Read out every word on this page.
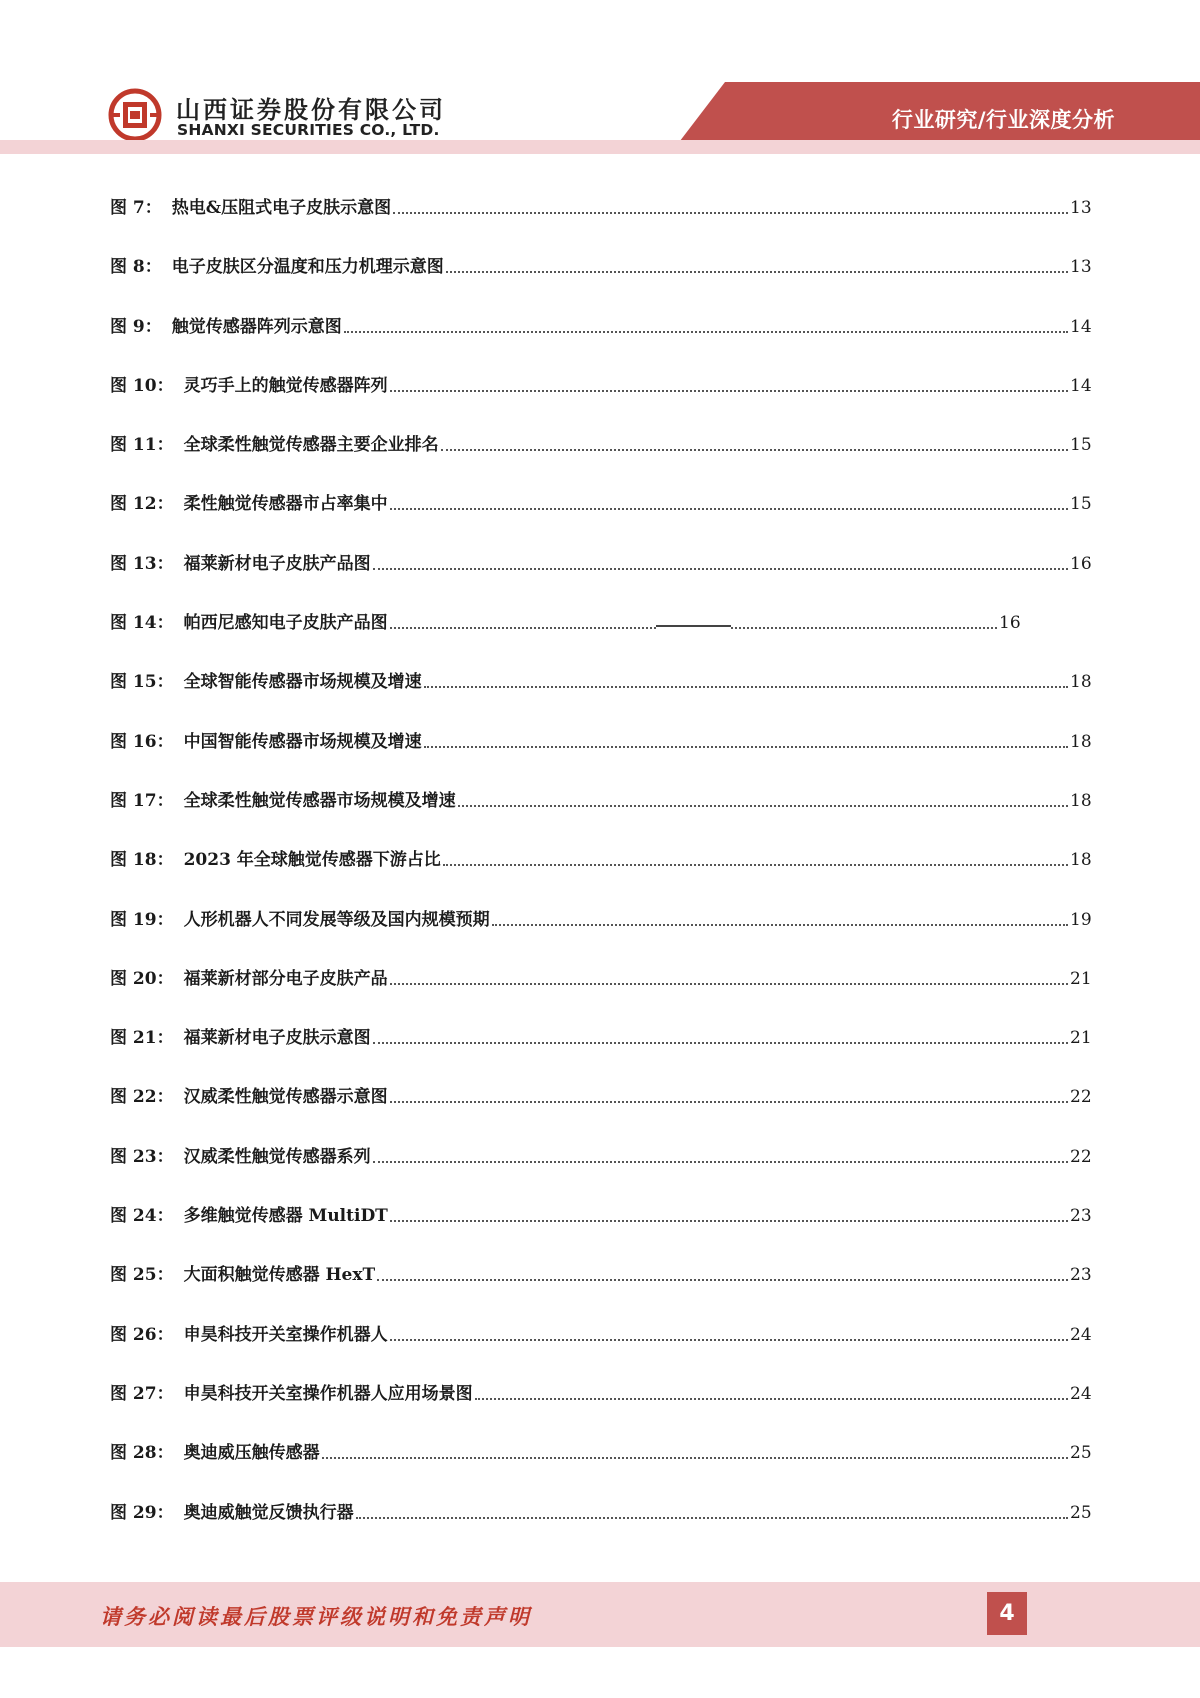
山西证券股份有限公司
SHANXI SECURITIES CO., LTD.	行业研究/行业深度分析
图 7： 热电&压阻式电子皮肤示意图	13
图 8： 电子皮肤区分温度和压力机理示意图	13
图 9： 触觉传感器阵列示意图	14
图 10： 灵巧手上的触觉传感器阵列	14
图 11： 全球柔性触觉传感器主要企业排名	15
图 12： 柔性触觉传感器市占率集中	15
图 13： 福莱新材电子皮肤产品图	16
图 14： 帕西尼感知电子皮肤产品图	16
图 15： 全球智能传感器市场规模及增速	18
图 16： 中国智能传感器市场规模及增速	18
图 17： 全球柔性触觉传感器市场规模及增速	18
图 18： 2023 年全球触觉传感器下游占比	18
图 19： 人形机器人不同发展等级及国内规模预期	19
图 20： 福莱新材部分电子皮肤产品	21
图 21： 福莱新材电子皮肤示意图	21
图 22： 汉威柔性触觉传感器示意图	22
图 23： 汉威柔性触觉传感器系列	22
图 24： 多维触觉传感器 MultiDT	23
图 25： 大面积触觉传感器 HexT	23
图 26： 申昊科技开关室操作机器人	24
图 27： 申昊科技开关室操作机器人应用场景图	24
图 28： 奥迪威压触传感器	25
图 29： 奥迪威触觉反馈执行器	25
请务必阅读最后股票评级说明和免责声明	4
